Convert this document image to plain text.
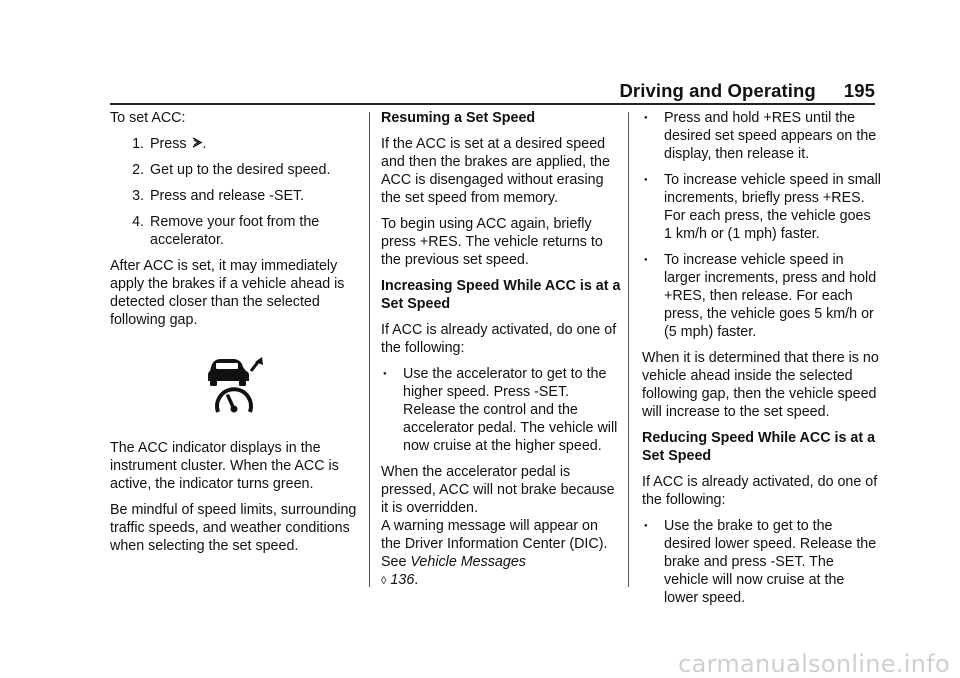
Driving and Operating 195

To set ACC:

1. Press .
2. Get up to the desired speed.
3. Press and release -SET.
4. Remove your foot from the accelerator.

After ACC is set, it may immediately apply the brakes if a vehicle ahead is detected closer than the selected following gap.

The ACC indicator displays in the instrument cluster. When the ACC is active, the indicator turns green.

Be mindful of speed limits, surrounding traffic speeds, and weather conditions when selecting the set speed.

Resuming a Set Speed

If the ACC is set at a desired speed and then the brakes are applied, the ACC is disengaged without erasing the set speed from memory.

To begin using ACC again, briefly press +RES. The vehicle returns to the previous set speed.

Increasing Speed While ACC is at a Set Speed

If ACC is already activated, do one of the following:

●	Use the accelerator to get to the higher speed. Press -SET. Release the control and the accelerator pedal. The vehicle will now cruise at the higher speed.

When the accelerator pedal is pressed, ACC will not brake because it is overridden.

A warning message will appear on the Driver Information Center (DIC). See Vehicle Messages
◊ 136.

●	Press and hold +RES until the desired set speed appears on the display, then release it.
●	To increase vehicle speed in small increments, briefly press +RES. For each press, the vehicle goes 1 km/h or (1 mph) faster.
●	To increase vehicle speed in larger increments, press and hold +RES, then release. For each press, the vehicle goes 5 km/h or (5 mph) faster.

When it is determined that there is no vehicle ahead inside the selected following gap, then the vehicle speed will increase to the set speed.

Reducing Speed While ACC is at a Set Speed

If ACC is already activated, do one of the following:

●	Use the brake to get to the desired lower speed. Release the brake and press -SET. The vehicle will now cruise at the lower speed.
carmanualsonline.info
